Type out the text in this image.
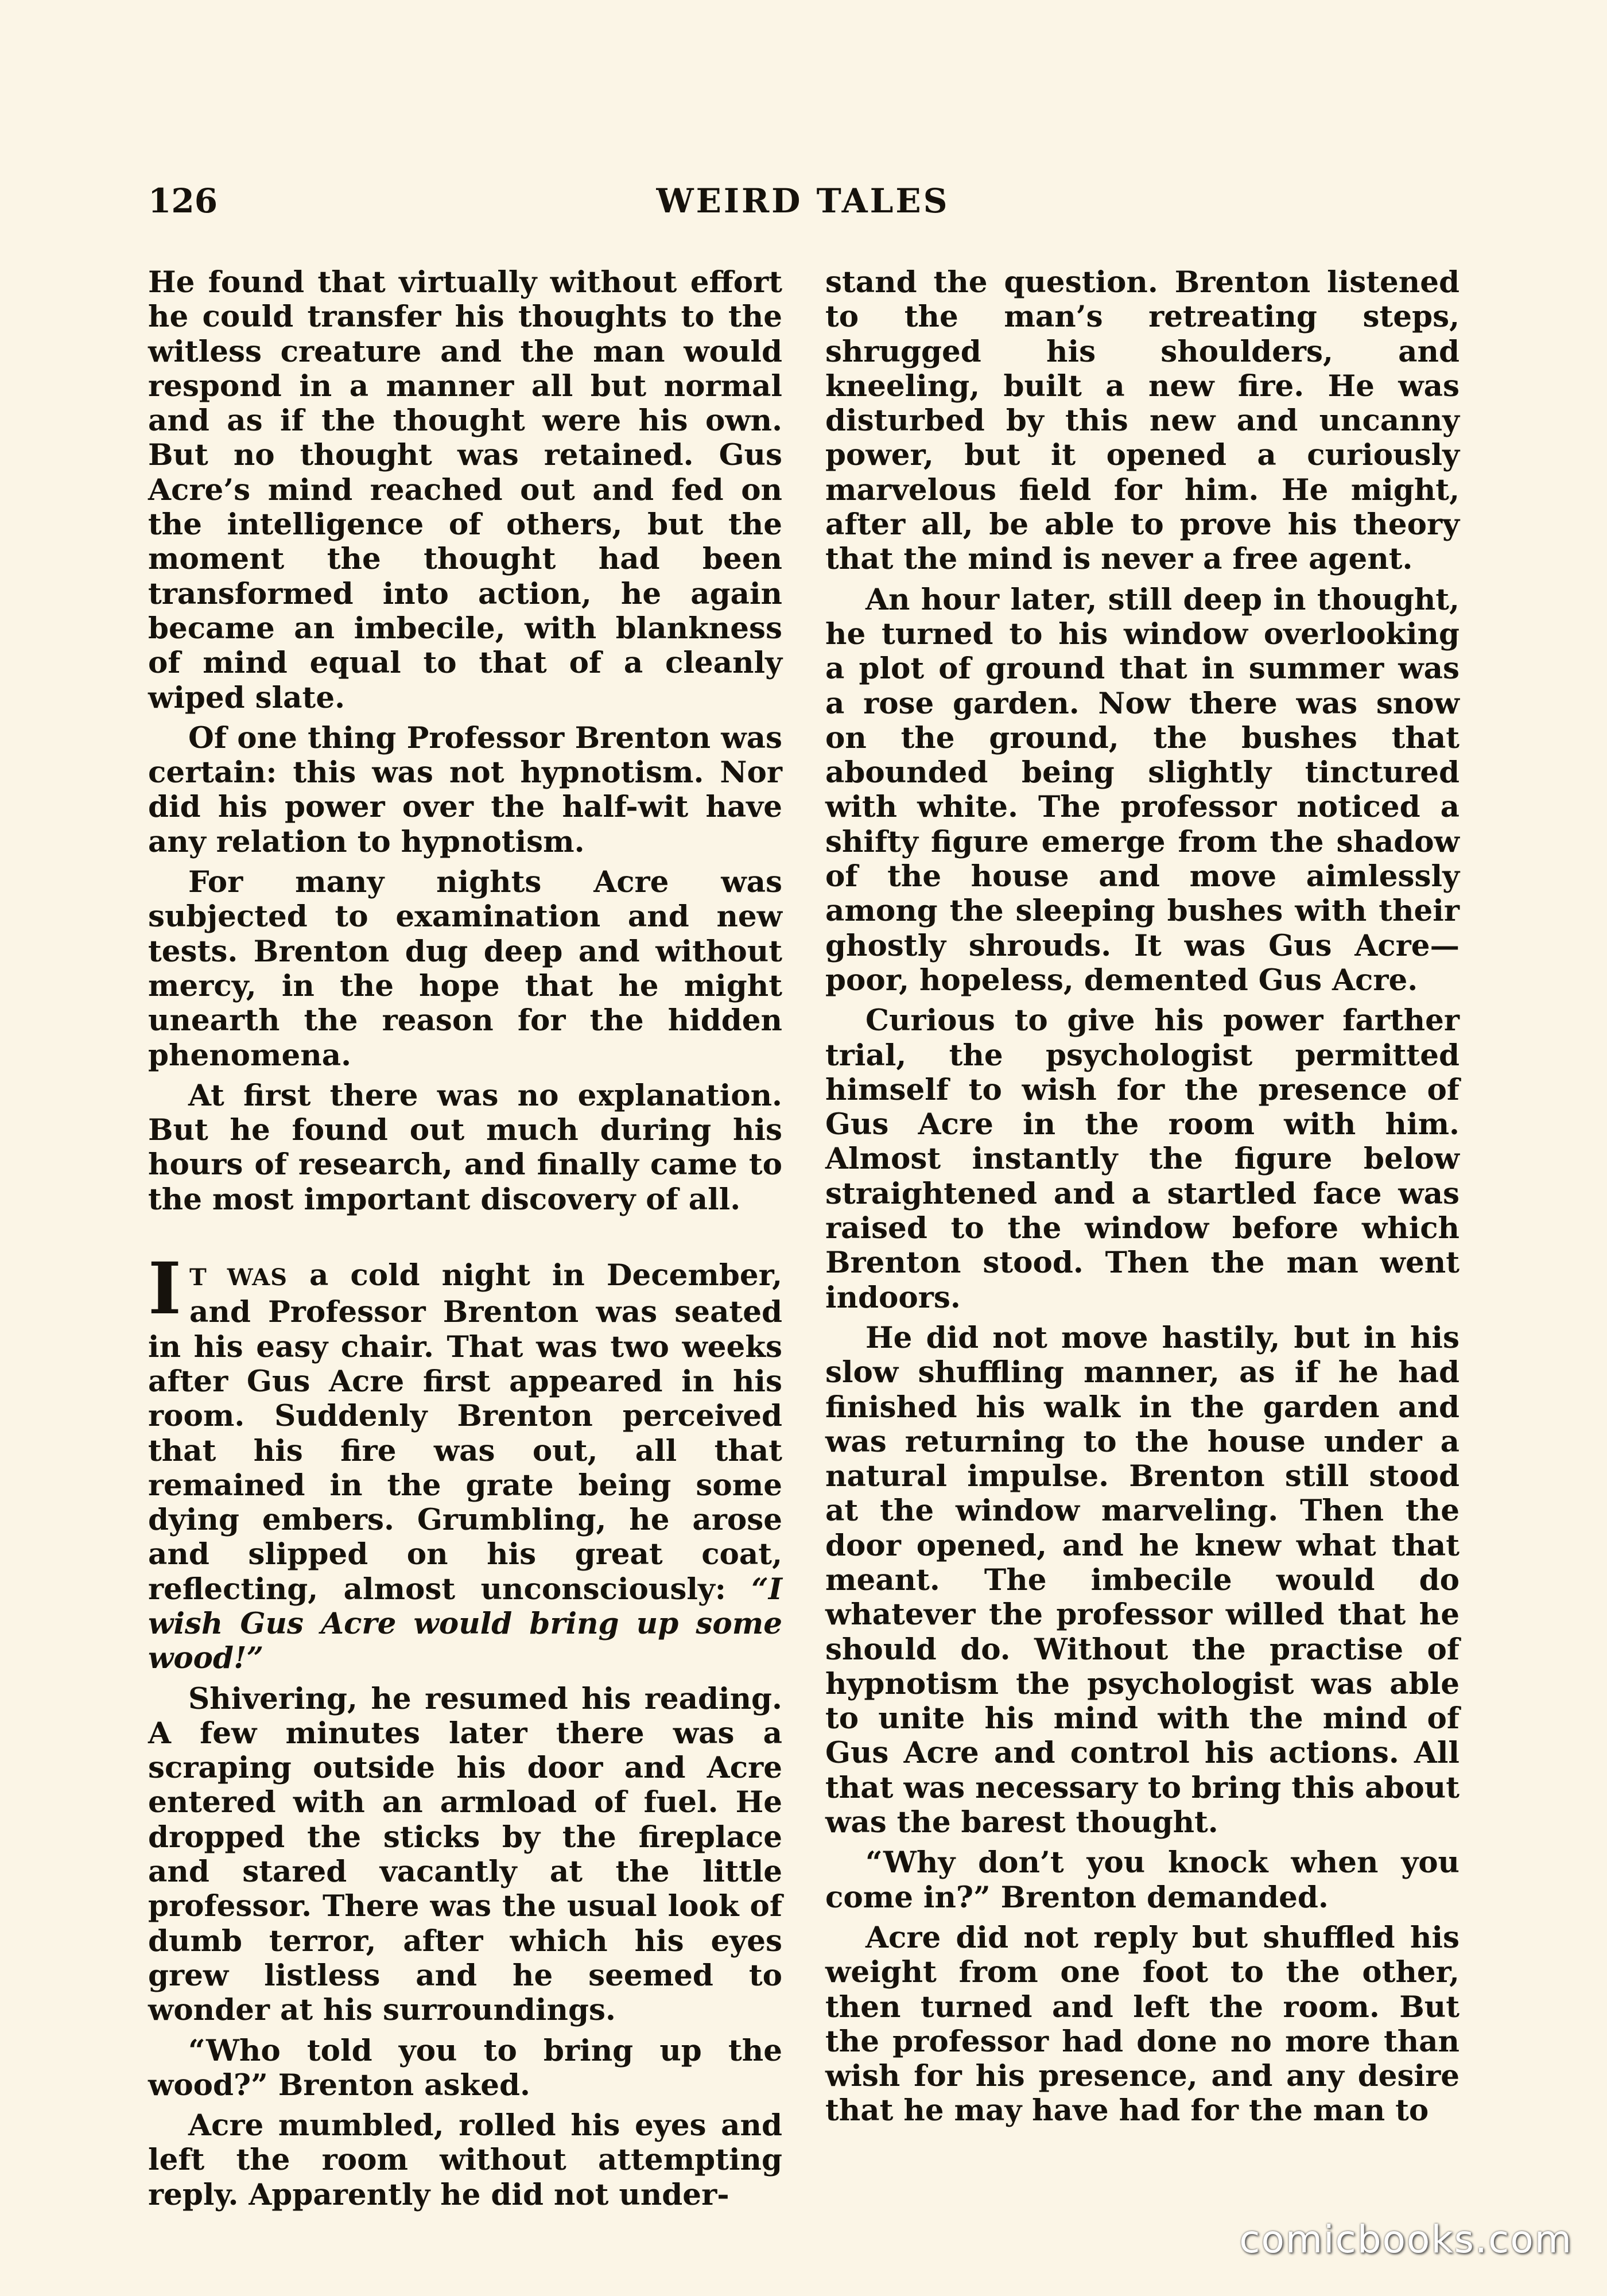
126	WEIRD TALES

He found that virtually without effort he could transfer his thoughts to the witless creature and the man would respond in a manner all but normal and as if the thought were his own. But no thought was retained. Gus Acre’s mind reached out and fed on the intelligence of others, but the moment the thought had been transformed into action, he again became an imbecile, with blankness of mind equal to that of a cleanly wiped slate.

Of one thing Professor Brenton was certain: this was not hypnotism. Nor did his power over the half-wit have any relation to hypnotism.

For many nights Acre was subjected to examination and new tests. Brenton dug deep and without mercy, in the hope that he might unearth the reason for the hidden phenomena.

At first there was no explanation. But he found out much during his hours of research, and finally came to the most important discovery of all.

I T WAS a cold night in December, and Professor Brenton was seated in his easy chair. That was two weeks after Gus Acre first appeared in his room. Suddenly Brenton perceived that his fire was out, all that remained in the grate being some dying embers. Grumbling, he arose and slipped on his great coat, reflecting, almost unconsciously: “I wish Gus Acre would bring up some wood!”

Shivering, he resumed his reading. A few minutes later there was a scraping outside his door and Acre entered with an armload of fuel. He dropped the sticks by the fireplace and stared vacantly at the little professor. There was the usual look of dumb terror, after which his eyes grew listless and he seemed to wonder at his surroundings.

“Who told you to bring up the wood?” Brenton asked.

Acre mumbled, rolled his eyes and left the room without attempting reply. Apparently he did not under-

stand the question. Brenton listened to the man’s retreating steps, shrugged his shoulders, and kneeling, built a new fire. He was disturbed by this new and uncanny power, but it opened a curiously marvelous field for him. He might, after all, be able to prove his theory that the mind is never a free agent.

An hour later, still deep in thought, he turned to his window overlooking a plot of ground that in summer was a rose garden. Now there was snow on the ground, the bushes that abounded being slightly tinctured with white. The professor noticed a shifty figure emerge from the shadow of the house and move aimlessly among the sleeping bushes with their ghostly shrouds. It was Gus Acre—poor, hopeless, demented Gus Acre.

Curious to give his power farther trial, the psychologist permitted himself to wish for the presence of Gus Acre in the room with him. Almost instantly the figure below straightened and a startled face was raised to the window before which Brenton stood. Then the man went indoors.

He did not move hastily, but in his slow shuffling manner, as if he had finished his walk in the garden and was returning to the house under a natural impulse. Brenton still stood at the window marveling. Then the door opened, and he knew what that meant. The imbecile would do whatever the professor willed that he should do. Without the practise of hypnotism the psychologist was able to unite his mind with the mind of Gus Acre and control his actions. All that was necessary to bring this about was the barest thought.

“Why don’t you knock when you come in?” Brenton demanded.

Acre did not reply but shuffled his weight from one foot to the other, then turned and left the room. But the professor had done no more than wish for his presence, and any desire that he may have had for the man to

comicbooks.com
